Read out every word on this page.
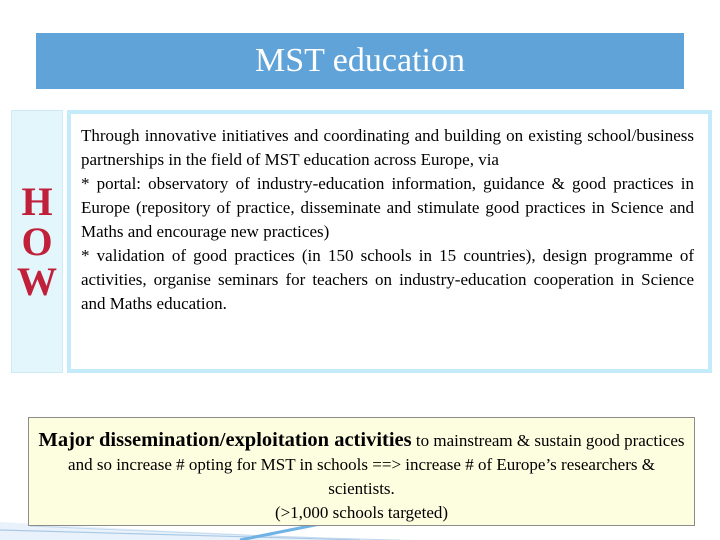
MST education
H
O
W

Through innovative initiatives and coordinating and building on existing school/business partnerships in the field of MST education across Europe, via
* portal: observatory of industry-education information, guidance & good practices in Europe (repository of practice, disseminate and stimulate good practices in Science and Maths and encourage new practices)
* validation of good practices (in 150 schools in 15 countries), design programme of activities, organise seminars for teachers on industry-education cooperation in Science and Maths education.

Major dissemination/exploitation activities to mainstream & sustain good practices and so increase # opting for MST in schools ==> increase # of Europe’s researchers & scientists.
(>1,000 schools targeted)
